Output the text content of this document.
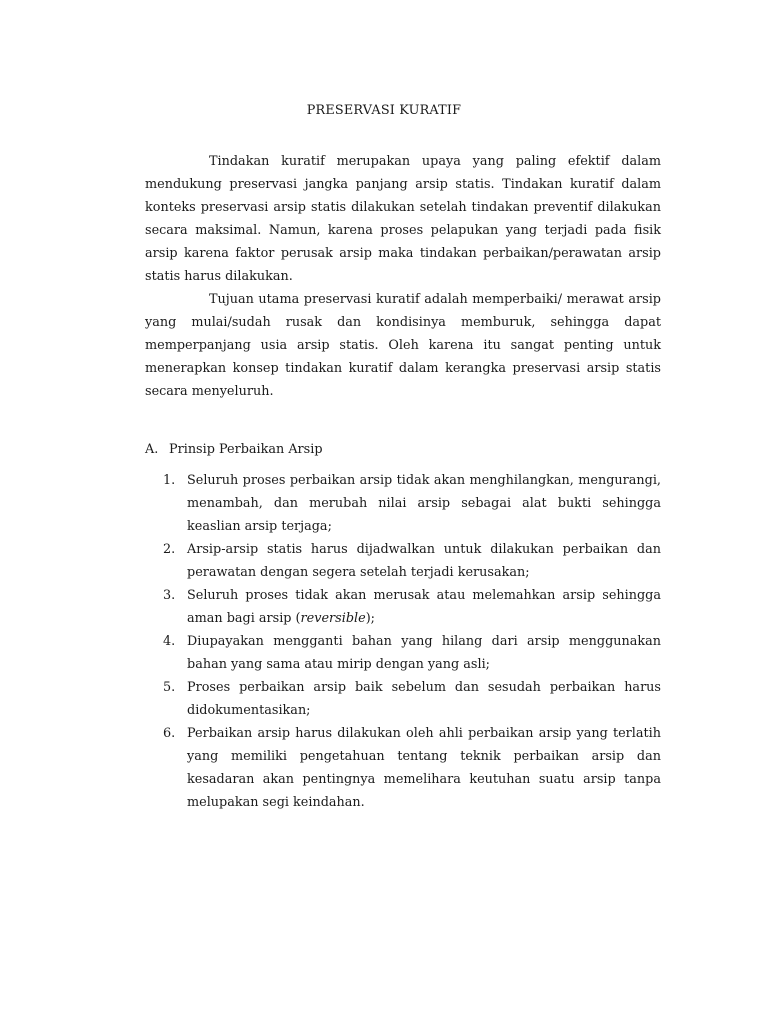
PRESERVASI KURATIF

Tindakan kuratif merupakan upaya yang paling efektif dalam mendukung preservasi jangka panjang arsip statis. Tindakan kuratif dalam konteks preservasi arsip statis dilakukan setelah tindakan preventif dilakukan secara maksimal. Namun, karena proses pelapukan yang terjadi pada fisik arsip karena faktor perusak arsip maka tindakan perbaikan/perawatan arsip statis harus dilakukan.

Tujuan utama preservasi kuratif adalah memperbaiki/ merawat arsip yang mulai/sudah rusak dan kondisinya memburuk, sehingga dapat memperpanjang usia arsip statis. Oleh karena itu sangat penting untuk menerapkan konsep tindakan kuratif dalam kerangka preservasi arsip statis secara menyeluruh.

A. Prinsip Perbaikan Arsip
1. Seluruh proses perbaikan arsip tidak akan menghilangkan, mengurangi, menambah, dan merubah nilai arsip sebagai alat bukti sehingga keaslian arsip terjaga;
2. Arsip-arsip statis harus dijadwalkan untuk dilakukan perbaikan dan perawatan dengan segera setelah terjadi kerusakan;
3. Seluruh proses tidak akan merusak atau melemahkan arsip sehingga aman bagi arsip (reversible);
4. Diupayakan mengganti bahan yang hilang dari arsip menggunakan bahan yang sama atau mirip dengan yang asli;
5. Proses perbaikan arsip baik sebelum dan sesudah perbaikan harus didokumentasikan;
6. Perbaikan arsip harus dilakukan oleh ahli perbaikan arsip yang terlatih yang memiliki pengetahuan tentang teknik perbaikan arsip dan kesadaran akan pentingnya memelihara keutuhan suatu arsip tanpa melupakan segi keindahan.
